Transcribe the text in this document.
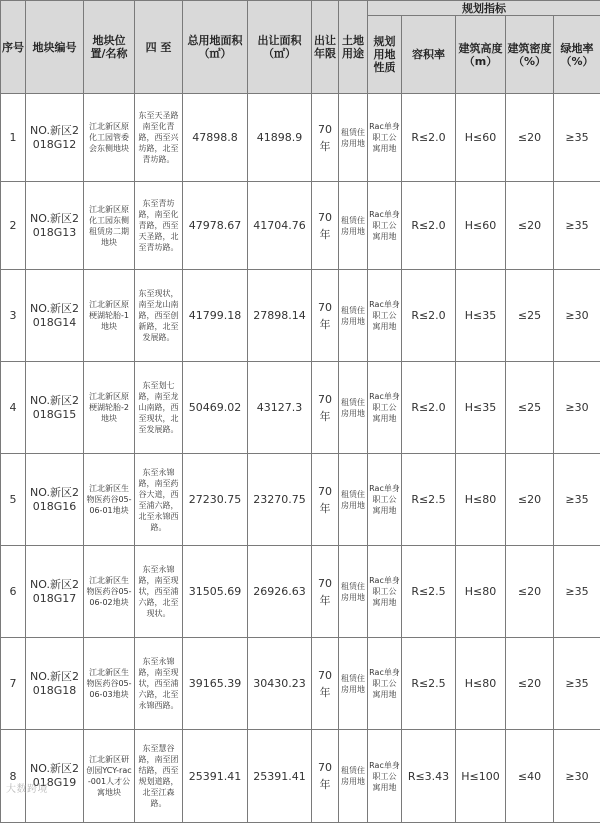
序号	地块编号	地块位置/名称	四 至	总用地面积（㎡）	出让面积（㎡）	出让年限	土地用途	规划指标				
								规划用地性质	容积率	建筑高度（m）	建筑密度（%）	绿地率（%）
1	NO.新区2018G12	江北新区原化工园管委会东侧地块	东至天圣路南至化青路，西至兴坊路，北至青坊路。	47898.8	41898.9	70年	租赁住房用地	Rac单身职工公寓用地	R≤2.0	H≤60	≤20	≥35
2	NO.新区2018G13	江北新区原化工园东侧租赁房二期地块	东至青坊路，南至化青路，西至天圣路，北至青坊路。	47978.67	41704.76	70年	租赁住房用地	Rac单身职工公寓用地	R≤2.0	H≤60	≤20	≥35
3	NO.新区2018G14	江北新区原梗湖轮胎-1地块	东至现状，南至龙山南路，西至创新路，北至发展路。	41799.18	27898.14	70年	租赁住房用地	Rac单身职工公寓用地	R≤2.0	H≤35	≤25	≥30
4	NO.新区2018G15	江北新区原梗湖轮胎-2地块	东至划七路，南至龙山南路，西至现状，北至发展路。	50469.02	43127.3	70年	租赁住房用地	Rac单身职工公寓用地	R≤2.0	H≤35	≤25	≥30
5	NO.新区2018G16	江北新区生物医药谷05-06-01地块	东至永锦路，南至药谷大道，西至浦六路，北至永锦西路。	27230.75	23270.75	70年	租赁住房用地	Rac单身职工公寓用地	R≤2.5	H≤80	≤20	≥35
6	NO.新区2018G17	江北新区生物医药谷05-06-02地块	东至永锦路，南至现状，西至浦六路，北至现状。	31505.69	26926.63	70年	租赁住房用地	Rac单身职工公寓用地	R≤2.5	H≤80	≤20	≥35
7	NO.新区2018G18	江北新区生物医药谷05-06-03地块	东至永锦路，南至现状，西至浦六路，北至永锦西路。	39165.39	30430.23	70年	租赁住房用地	Rac单身职工公寓用地	R≤2.5	H≤80	≤20	≥35
8	NO.新区2018G19	江北新区研创园YCY-rac-001人才公寓地块	东至慧谷路，南至团结路，西至规划道路，北至江森路。	25391.41	25391.41	70年	租赁住房用地	Rac单身职工公寓用地	R≤3.43	H≤100	≤40	≥30
大数跨境
